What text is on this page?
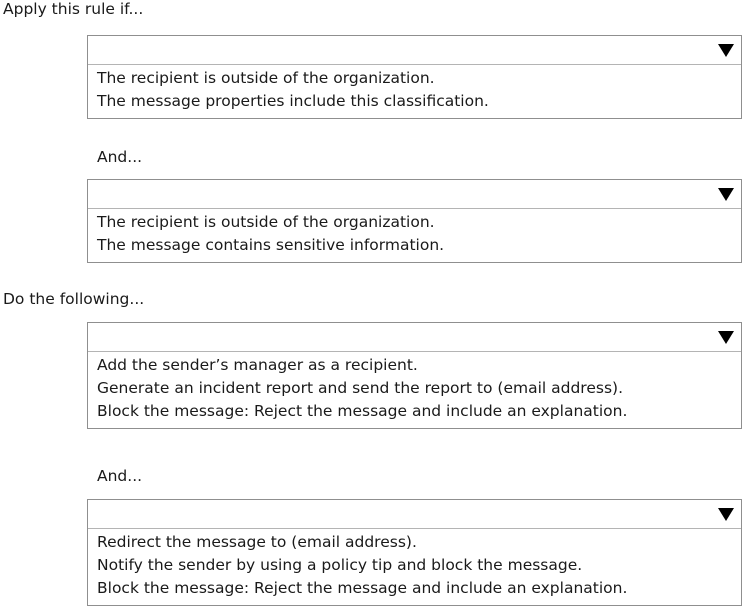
Apply this rule if...
The recipient is outside of the organization.
The message properties include this classification.
And...
The recipient is outside of the organization.
The message contains sensitive information.
Do the following...
Add the sender’s manager as a recipient.
Generate an incident report and send the report to (email address).
Block the message: Reject the message and include an explanation.
And...
Redirect the message to (email address).
Notify the sender by using a policy tip and block the message.
Block the message: Reject the message and include an explanation.
